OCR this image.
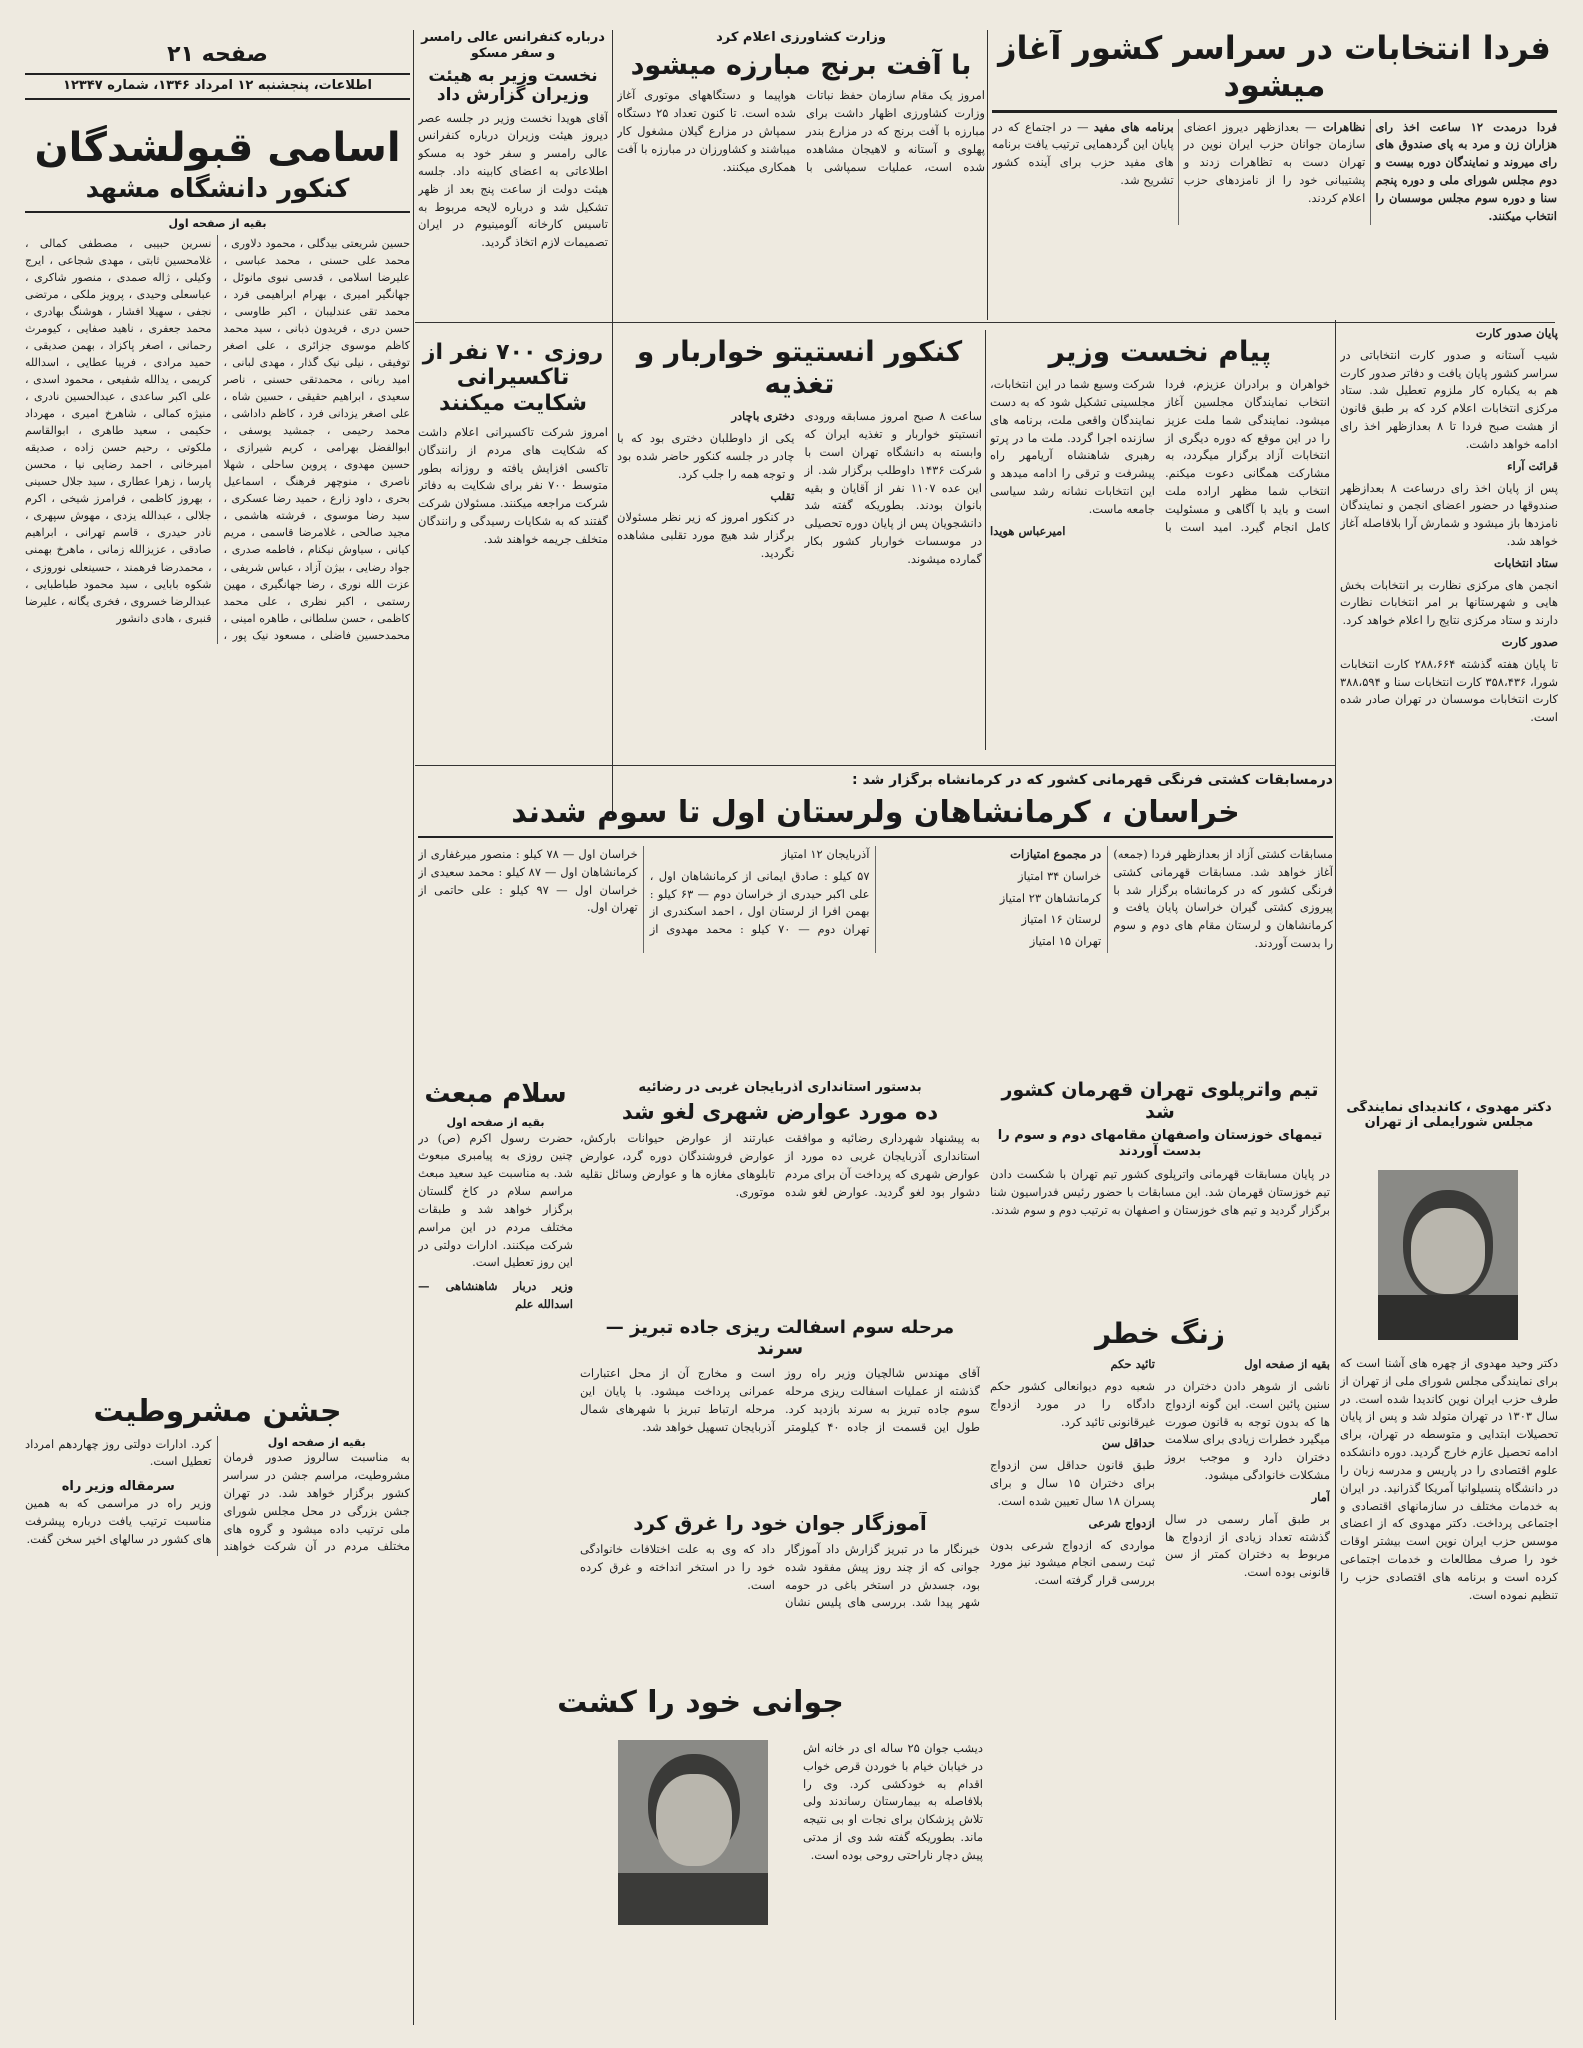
صفحه ۲۱
اطلاعات، پنجشنبه ۱۲ امرداد ۱۳۴۶، شماره ۱۲۳۴۷
اسامی قبولشدگان
کنکور دانشگاه مشهد
بقیه از صفحه اول
حسین شریعتی بیدگلی ، محمود دلاوری ، محمد علی حسنی ، محمد عباسی ، علیرضا اسلامی ، قدسی نبوی مانوئل ، جهانگیر امیری ، بهرام ابراهیمی فرد ، محمد تقی عندلیبان ، اکبر طاوسی ، حسن دری ، فریدون ذبانی ، سید محمد کاظم موسوی جزائری ، علی اصغر توفیقی ، نیلی نیک گذار ، مهدی لبانی ، امید ربانی ، محمدتقی حسنی ، ناصر سعیدی ، ابراهیم حقیقی ، حسین شاه ، علی اصغر یزدانی فرد ، کاظم داداشی ، محمد رحیمی ، جمشید یوسفی ، ابوالفضل بهرامی ، کریم شیرازی ، حسین مهدوی ، پروین ساحلی ، شهلا ناصری ، منوچهر فرهنگ ، اسماعیل بحری ، داود زارع ، حمید رضا عسکری ، سید رضا موسوی ، فرشته هاشمی ، مجید صالحی ، غلامرضا قاسمی ، مریم کیانی ، سیاوش نیکنام ، فاطمه صدری ، جواد رضایی ، بیژن آزاد ، عباس شریفی ، عزت الله نوری ، رضا جهانگیری ، مهین رستمی ، اکبر نظری ، علی محمد کاظمی ، حسن سلطانی ، طاهره امینی ، محمدحسین فاضلی ، مسعود نیک پور ، نسرین حبیبی ، مصطفی کمالی ، غلامحسین ثابتی ، مهدی شجاعی ، ایرج وکیلی ، ژاله صمدی ، منصور شاکری ، عباسعلی وحیدی ، پرویز ملکی ، مرتضی نجفی ، سهیلا افشار ، هوشنگ بهادری ، محمد جعفری ، ناهید صفایی ، کیومرث رحمانی ، اصغر پاکزاد ، بهمن صدیقی ، حمید مرادی ، فریبا عطایی ، اسدالله کریمی ، یدالله شفیعی ، محمود اسدی ، علی اکبر ساعدی ، عبدالحسین نادری ، منیژه کمالی ، شاهرخ امیری ، مهرداد حکیمی ، سعید طاهری ، ابوالقاسم ملکوتی ، رحیم حسن زاده ، صدیقه امیرخانی ، احمد رضایی نیا ، محسن پارسا ، زهرا عطاری ، سید جلال حسینی ، بهروز کاظمی ، فرامرز شیخی ، اکرم جلالی ، عبدالله یزدی ، مهوش سپهری ، نادر حیدری ، قاسم تهرانی ، ابراهیم صادقی ، عزیزالله زمانی ، ماهرخ بهمنی ، محمدرضا فرهمند ، حسینعلی نوروزی ، شکوه بابایی ، سید محمود طباطبایی ، عبدالرضا خسروی ، فخری یگانه ، علیرضا قنبری ، هادی دانشور
جشن مشروطیت
بقیه از صفحه اول
به مناسبت سالروز صدور فرمان مشروطیت، مراسم جشن در سراسر کشور برگزار خواهد شد. در تهران جشن بزرگی در محل مجلس شورای ملی ترتیب داده میشود و گروه های مختلف مردم در آن شرکت خواهند کرد. ادارات دولتی روز چهاردهم امرداد تعطیل است.
سرمقاله وزیر راه
وزیر راه در مراسمی که به همین مناسبت ترتیب یافت درباره پیشرفت های کشور در سالهای اخیر سخن گفت.
درباره کنفرانس عالی رامسر و سفر مسکو
نخست وزیر به هیئت وزیران گزارش داد
آقای هویدا نخست وزیر در جلسه عصر دیروز هیئت وزیران درباره کنفرانس عالی رامسر و سفر خود به مسکو اطلاعاتی به اعضای کابینه داد. جلسه هیئت دولت از ساعت پنج بعد از ظهر تشکیل شد و درباره لایحه مربوط به تاسیس کارخانه آلومینیوم در ایران تصمیمات لازم اتخاذ گردید.
وزارت کشاورزی اعلام کرد
با آفت برنج مبارزه میشود
امروز یک مقام سازمان حفظ نباتات وزارت کشاورزی اظهار داشت برای مبارزه با آفت برنج که در مزارع بندر پهلوی و آستانه و لاهیجان مشاهده شده است، عملیات سمپاشی با هواپیما و دستگاههای موتوری آغاز شده است. تا کنون تعداد ۲۵ دستگاه سمپاش در مزارع گیلان مشغول کار میباشند و کشاورزان در مبارزه با آفت همکاری میکنند.
فردا انتخابات در سراسر کشور آغاز میشود

فردا درمدت ۱۲ ساعت اخذ رای هزاران زن و مرد به پای صندوق های رای میروند و نمایندگان دوره بیست و دوم مجلس شورای ملی و دوره پنجم سنا و دوره سوم مجلس موسسان را انتخاب میکنند.

نظاهرات — بعدازظهر دیروز اعضای سازمان جوانان حزب ایران نوین در تهران دست به تظاهرات زدند و پشتیبانی خود را از نامزدهای حزب اعلام کردند.

برنامه های مفید — در اجتماع که در پایان این گردهمایی ترتیب یافت برنامه های مفید حزب برای آینده کشور تشریح شد.

پایان صدور کارت

شیب‌ آستانه و صدور کارت انتخاباتی در سراسر کشور پایان یافت و دفاتر صدور کارت هم به یکباره کار ملزوم تعطیل شد. ستاد مرکزی انتخابات اعلام کرد که بر طبق قانون از هشت صبح فردا تا ۸ بعدازظهر اخذ رای ادامه خواهد داشت.

قرائت آراء

پس از پایان اخذ رای درساعت ۸ بعدازظهر صندوقها در حضور اعضای انجمن و نمایندگان نامزدها باز میشود و شمارش آرا بلافاصله آغاز خواهد شد.

ستاد انتخابات

انجمن های مرکزی نظارت بر انتخابات بخش هایی و شهرستانها بر امر انتخابات نظارت دارند و ستاد مرکزی نتایج را اعلام خواهد کرد.

صدور کارت

تا پایان هفته گذشته ۲۸۸،۶۶۴ کارت انتخابات شورا، ۳۵۸،۴۳۶ کارت انتخابات سنا و ۳۸۸،۵۹۴ کارت انتخابات موسسان در تهران صادر شده است.

دکتر مهدوی ، کاندیدای نمایندگی مجلس شورایملی از تهران
دکتر وحید مهدوی از چهره های آشنا است که برای نمایندگی مجلس شورای ملی از تهران از طرف حزب ایران نوین کاندیدا شده است. در سال ۱۳۰۳ در تهران متولد شد و پس از پایان تحصیلات ابتدایی و متوسطه در تهران، برای ادامه تحصیل عازم خارج گردید. دوره دانشکده علوم اقتصادی را در پاریس و مدرسه زبان را در دانشگاه پنسیلوانیا آمریکا گذرانید. در ایران به خدمات مختلف در سازمانهای اقتصادی و اجتماعی پرداخت. دکتر مهدوی که از اعضای موسس حزب ایران نوین است بیشتر اوقات خود را صرف مطالعات و خدمات اجتماعی کرده است و برنامه های اقتصادی حزب را تنظیم نموده است.
روزی ۷۰۰ نفر از تاکسیرانی شکایت میکنند
امروز شرکت تاکسیرانی اعلام داشت که شکایت های مردم از رانندگان تاکسی افزایش یافته و روزانه بطور متوسط ۷۰۰ نفر برای شکایت به دفاتر شرکت مراجعه میکنند. مسئولان شرکت گفتند که به شکایات رسیدگی و رانندگان متخلف جریمه خواهند شد.
کنکور انستیتو خواربار و تغذیه

ساعت ۸ صبح امروز مسابقه ورودی انستیتو خواربار و تغذیه ایران که وابسته به دانشگاه تهران است با شرکت ۱۴۳۶ داوطلب برگزار شد. از این عده ۱۱۰۷ نفر از آقایان و بقیه بانوان بودند. بطوریکه گفته شد دانشجویان پس از پایان دوره تحصیلی در موسسات خواربار کشور بکار گمارده میشوند.

دختری باچادر

یکی از داوطلبان دختری بود که با چادر در جلسه کنکور حاضر شده بود و توجه همه را جلب کرد.

تقلب

در کنکور امروز که زیر نظر مسئولان برگزار شد هیچ مورد تقلبی مشاهده نگردید.

پیام نخست وزیر

خواهران و برادران عزیزم، فردا انتخاب نمایندگان مجلسین آغاز میشود. نمایندگی شما ملت عزیز را در این موقع که دوره دیگری از انتخابات آزاد برگزار میگردد، به مشارکت همگانی دعوت میکنم. انتخاب شما مظهر اراده ملت است و باید با آگاهی و مسئولیت کامل انجام گیرد. امید است با شرکت وسیع شما در این انتخابات، مجلسینی تشکیل شود که به دست نمایندگان واقعی ملت، برنامه های سازنده اجرا گردد. ملت ما در پرتو رهبری شاهنشاه آریامهر راه پیشرفت و ترقی را ادامه میدهد و این انتخابات نشانه رشد سیاسی جامعه ماست.

امیرعباس هویدا

درمسابقات کشتی فرنگی قهرمانی کشور که در کرمانشاه برگزار شد :
خراسان ، کرمانشاهان ولرستان اول تا سوم شدند

مسابقات کشتی آزاد از بعدازظهر فردا (جمعه) آغاز خواهد شد. مسابقات قهرمانی کشتی فرنگی کشور که در کرمانشاه برگزار شد با پیروزی کشتی گیران خراسان پایان یافت و کرمانشاهان و لرستان مقام های دوم و سوم را بدست آوردند.

در مجموع امتیازات

خراسان ۳۴ امتیاز

کرمانشاهان ۲۳ امتیاز

لرستان ۱۶ امتیاز

تهران ۱۵ امتیاز

آذربایجان ۱۲ امتیاز

۵۷ کیلو : صادق ایمانی از کرمانشاهان اول ، علی اکبر حیدری از خراسان دوم — ۶۳ کیلو : بهمن افرا از لرستان اول ، احمد اسکندری از تهران دوم — ۷۰ کیلو : محمد مهدوی از خراسان اول — ۷۸ کیلو : منصور میرغفاری از کرمانشاهان اول — ۸۷ کیلو : محمد سعیدی از خراسان اول — ۹۷ کیلو : علی حاتمی از تهران اول.

تیم واترپلوی تهران قهرمان کشور شد
تیمهای خوزستان واصفهان مقامهای دوم و سوم را بدست آوردند
در پایان مسابقات قهرمانی واترپلوی کشور تیم تهران با شکست دادن تیم خوزستان قهرمان شد. این مسابقات با حضور رئیس فدراسیون شنا برگزار گردید و تیم های خوزستان و اصفهان به ترتیب دوم و سوم شدند.
بدستور استانداری آذربایجان غربی در رضائیه
ده مورد عوارض شهری لغو شد
به پیشنهاد شهرداری رضائیه و موافقت استانداری آذربایجان غربی ده مورد از عوارض شهری که پرداخت آن برای مردم دشوار بود لغو گردید. عوارض لغو شده عبارتند از عوارض حیوانات بارکش، عوارض فروشندگان دوره گرد، عوارض تابلوهای مغازه ها و عوارض وسائل نقلیه موتوری.
سلام مبعث
بقیه از صفحه اول
حضرت رسول اکرم (ص) در چنین روزی به پیامبری مبعوث شد. به مناسبت عید سعید مبعث مراسم سلام در کاخ گلستان برگزار خواهد شد و طبقات مختلف مردم در این مراسم شرکت میکنند. ادارات دولتی در این روز تعطیل است.
وزیر دربار شاهنشاهی — اسدالله علم
مرحله سوم اسفالت ریزی جاده تبریز — سرند
آقای مهندس شالچیان وزیر راه روز گذشته از عملیات اسفالت ریزی مرحله سوم جاده تبریز به سرند بازدید کرد. طول این قسمت از جاده ۴۰ کیلومتر است و مخارج آن از محل اعتبارات عمرانی پرداخت میشود. با پایان این مرحله ارتباط تبریز با شهرهای شمال آذربایجان تسهیل خواهد شد.
زنگ خطر

بقیه از صفحه اول

ناشی از شوهر دادن دختران در سنین پائین است. این گونه ازدواج ها که بدون توجه به قانون صورت میگیرد خطرات زیادی برای سلامت دختران دارد و موجب بروز مشکلات خانوادگی میشود.

آمار

بر طبق آمار رسمی در سال گذشته تعداد زیادی از ازدواج ها مربوط به دختران کمتر از سن قانونی بوده است.

تائید حکم

شعبه دوم دیوانعالی کشور حکم دادگاه را در مورد ازدواج غیرقانونی تائید کرد.

حداقل سن

طبق قانون حداقل سن ازدواج برای دختران ۱۵ سال و برای پسران ۱۸ سال تعیین شده است.

ازدواج شرعی

مواردی که ازدواج شرعی بدون ثبت رسمی انجام میشود نیز مورد بررسی قرار گرفته است.

آموزگار جوان خود را غرق کرد
خبرنگار ما در تبریز گزارش داد آموزگار جوانی که از چند روز پیش مفقود شده بود، جسدش در استخر باغی در حومه شهر پیدا شد. بررسی های پلیس نشان داد که وی به علت اختلافات خانوادگی خود را در استخر انداخته و غرق کرده است.
جوانی خود را کشت
دیشب جوان ۲۵ ساله ای در خانه اش در خیابان خیام با خوردن قرص خواب اقدام به خودکشی کرد. وی را بلافاصله به بیمارستان رساندند ولی تلاش پزشکان برای نجات او بی نتیجه ماند. بطوریکه گفته شد وی از مدتی پیش دچار ناراحتی روحی بوده است.
